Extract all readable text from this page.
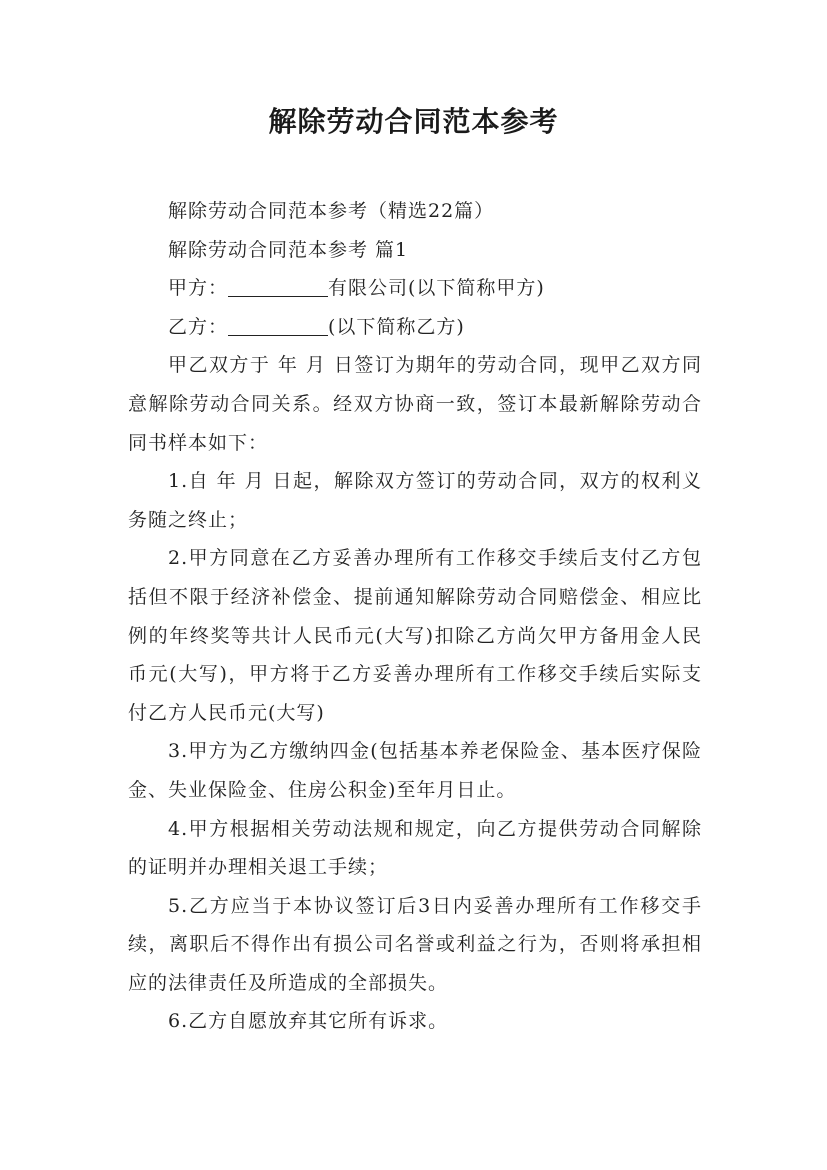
解除劳动合同范本参考

解除劳动合同范本参考（精选22篇）

解除劳动合同范本参考 篇1

甲方：	有限公司(以下简称甲方)

乙方：	(以下简称乙方)

甲乙双方于 年 月 日签订为期年的劳动合同，现甲乙双方同意解除劳动合同关系。经双方协商一致，签订本最新解除劳动合同书样本如下：

1.自 年 月 日起，解除双方签订的劳动合同，双方的权利义务随之终止；

2.甲方同意在乙方妥善办理所有工作移交手续后支付乙方包括但不限于经济补偿金、提前通知解除劳动合同赔偿金、相应比例的年终奖等共计人民币元(大写)扣除乙方尚欠甲方备用金人民币元(大写)，甲方将于乙方妥善办理所有工作移交手续后实际支付乙方人民币元(大写)

3.甲方为乙方缴纳四金(包括基本养老保险金、基本医疗保险金、失业保险金、住房公积金)至年月日止。

4.甲方根据相关劳动法规和规定，向乙方提供劳动合同解除的证明并办理相关退工手续；

5.乙方应当于本协议签订后3日内妥善办理所有工作移交手续，离职后不得作出有损公司名誉或利益之行为，否则将承担相应的法律责任及所造成的全部损失。

6.乙方自愿放弃其它所有诉求。
